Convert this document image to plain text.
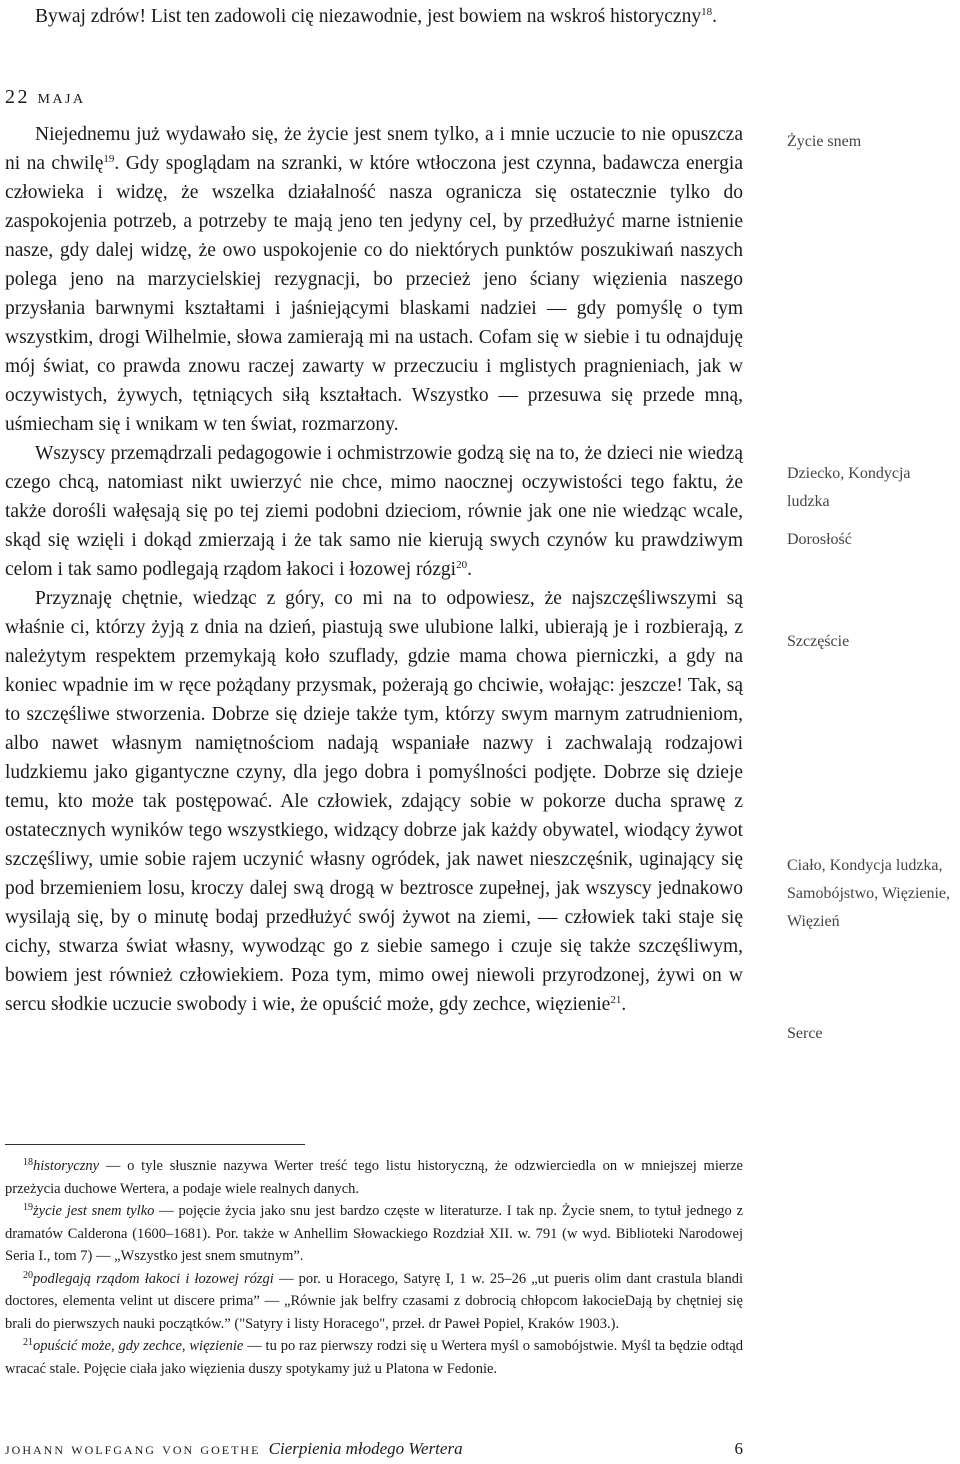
Bywaj zdrów! List ten zadowoli cię niezawodnie, jest bowiem na wskroś historyczny$^{18}$.

22 maja

Niejednemu już wydawało się, że życie jest snem tylko, a i mnie uczucie to nie opuszcza ni na chwilę$^{19}$. Gdy spoglądam na szranki, w które wtłoczona jest czynna, badawcza energia człowieka i widzę, że wszelka działalność nasza ogranicza się ostatecznie tylko do zaspokojenia potrzeb, a potrzeby te mają jeno ten jedyny cel, by przedłużyć marne istnienie nasze, gdy dalej widzę, że owo uspokojenie co do niektórych punktów poszukiwań naszych polega jeno na marzycielskiej rezygnacji, bo przecież jeno ściany więzienia naszego przysłania barwnymi kształtami i jaśniejącymi blaskami nadziei — gdy pomyślę o tym wszystkim, drogi Wilhelmie, słowa zamierają mi na ustach. Cofam się w siebie i tu odnajduję mój świat, co prawda znowu raczej zawarty w przeczuciu i mglistych pragnieniach, jak w oczywistych, żywych, tętniących siłą kształtach. Wszystko — przesuwa się przede mną, uśmiecham się i wnikam w ten świat, rozmarzony.

Wszyscy przemądrzali pedagogowie i ochmistrzowie godzą się na to, że dzieci nie wiedzą czego chcą, natomiast nikt uwierzyć nie chce, mimo naocznej oczywistości tego faktu, że także dorośli wałęsają się po tej ziemi podobni dzieciom, równie jak one nie wiedząc wcale, skąd się wzięli i dokąd zmierzają i że tak samo nie kierują swych czynów ku prawdziwym celom i tak samo podlegają rządom łakoci i łozowej rózgi$^{20}$.

Przyznaję chętnie, wiedząc z góry, co mi na to odpowiesz, że najszczęśliwszymi są właśnie ci, którzy żyją z dnia na dzień, piastują swe ulubione lalki, ubierają je i rozbierają, z należytym respektem przemykają koło szuflady, gdzie mama chowa pierniczki, a gdy na koniec wpadnie im w ręce pożądany przysmak, pożerają go chciwie, wołając: jeszcze! Tak, są to szczęśliwe stworzenia. Dobrze się dzieje także tym, którzy swym marnym zatrudnieniom, albo nawet własnym namiętnościom nadają wspaniałe nazwy i zachwalają rodzajowi ludzkiemu jako gigantyczne czyny, dla jego dobra i pomyślności podjęte. Dobrze się dzieje temu, kto może tak postępować. Ale człowiek, zdający sobie w pokorze ducha sprawę z ostatecznych wyników tego wszystkiego, widzący dobrze jak każdy obywatel, wiodący żywot szczęśliwy, umie sobie rajem uczynić własny ogródek, jak nawet nieszczęśnik, uginający się pod brzemieniem losu, kroczy dalej swą drogą w beztrosce zupełnej, jak wszyscy jednakowo wysilają się, by o minutę bodaj przedłużyć swój żywot na ziemi, — człowiek taki staje się cichy, stwarza świat własny, wywodząc go z siebie samego i czuje się także szczęśliwym, bowiem jest również człowiekiem. Poza tym, mimo owej niewoli przyrodzonej, żywi on w sercu słodkie uczucie swobody i wie, że opuścić może, gdy zechce, więzienie$^{21}$.

Życie snem
Dziecko, Kondycja ludzka
Dorosłość
Szczęście
Ciało, Kondycja ludzka, Samobójstwo, Więzienie, Więzień
Serce

$^{18}$historyczny — o tyle słusznie nazywa Werter treść tego listu historyczną, że odzwierciedla on w mniejszej mierze przeżycia duchowe Wertera, a podaje wiele realnych danych.

$^{19}$życie jest snem tylko — pojęcie życia jako snu jest bardzo częste w literaturze. I tak np. Życie snem, to tytuł jednego z dramatów Calderona (1600–1681). Por. także w Anhellim Słowackiego Rozdział XII. w. 791 (w wyd. Biblioteki Narodowej Seria I., tom 7) — „Wszystko jest snem smutnym”.

$^{20}$podlegają rządom łakoci i łozowej rózgi — por. u Horacego, Satyrę I, 1 w. 25–26 „ut pueris olim dant crastula blandi doctores, elementa velint ut discere prima” — „Równie jak belfry czasami z dobrocią chłopcom łakocieDają by chętniej się brali do pierwszych nauki początków.” ("Satyry i listy Horacego", przeł. dr Paweł Popiel, Kraków 1903.).

$^{21}$opuścić może, gdy zechce, więzienie — tu po raz pierwszy rodzi się u Wertera myśl o samobójstwie. Myśl ta będzie odtąd wracać stale. Pojęcie ciała jako więzienia duszy spotykamy już u Platona w Fedonie.

johann wolfgang von goethe Cierpienia młodego Wertera	6
